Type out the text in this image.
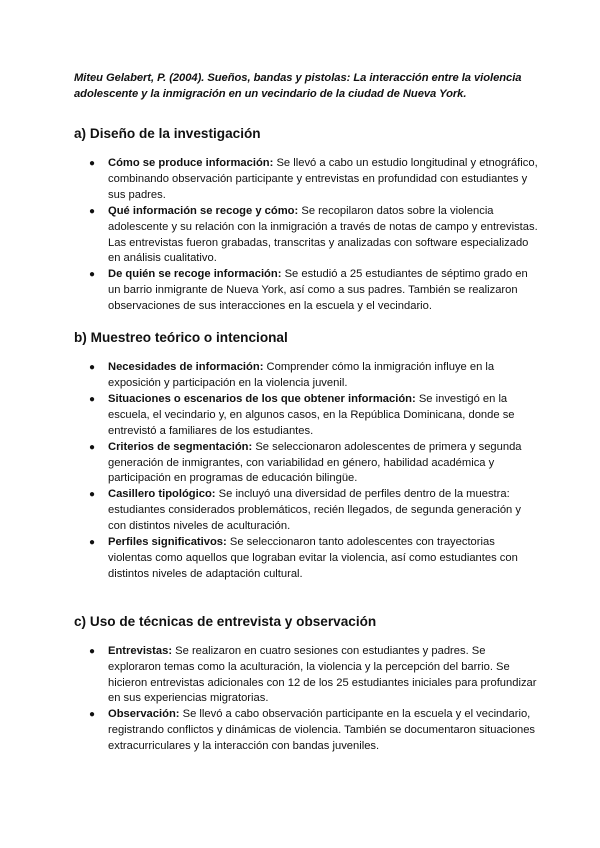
Miteu Gelabert, P. (2004). Sueños, bandas y pistolas: La interacción entre la violencia adolescente y la inmigración en un vecindario de la ciudad de Nueva York.

a) Diseño de la investigación
● Cómo se produce información: Se llevó a cabo un estudio longitudinal y etnográfico, combinando observación participante y entrevistas en profundidad con estudiantes y sus padres.
● Qué información se recoge y cómo: Se recopilaron datos sobre la violencia adolescente y su relación con la inmigración a través de notas de campo y entrevistas. Las entrevistas fueron grabadas, transcritas y analizadas con software especializado en análisis cualitativo.
● De quién se recoge información: Se estudió a 25 estudiantes de séptimo grado en un barrio inmigrante de Nueva York, así como a sus padres. También se realizaron observaciones de sus interacciones en la escuela y el vecindario.
b) Muestreo teórico o intencional
● Necesidades de información: Comprender cómo la inmigración influye en la exposición y participación en la violencia juvenil.
● Situaciones o escenarios de los que obtener información: Se investigó en la escuela, el vecindario y, en algunos casos, en la República Dominicana, donde se entrevistó a familiares de los estudiantes.
● Criterios de segmentación: Se seleccionaron adolescentes de primera y segunda generación de inmigrantes, con variabilidad en género, habilidad académica y participación en programas de educación bilingüe.
● Casillero tipológico: Se incluyó una diversidad de perfiles dentro de la muestra: estudiantes considerados problemáticos, recién llegados, de segunda generación y con distintos niveles de aculturación.
● Perfiles significativos: Se seleccionaron tanto adolescentes con trayectorias violentas como aquellos que lograban evitar la violencia, así como estudiantes con distintos niveles de adaptación cultural.
c) Uso de técnicas de entrevista y observación
● Entrevistas: Se realizaron en cuatro sesiones con estudiantes y padres. Se exploraron temas como la aculturación, la violencia y la percepción del barrio. Se hicieron entrevistas adicionales con 12 de los 25 estudiantes iniciales para profundizar en sus experiencias migratorias.
● Observación: Se llevó a cabo observación participante en la escuela y el vecindario, registrando conflictos y dinámicas de violencia. También se documentaron situaciones extracurriculares y la interacción con bandas juveniles.
